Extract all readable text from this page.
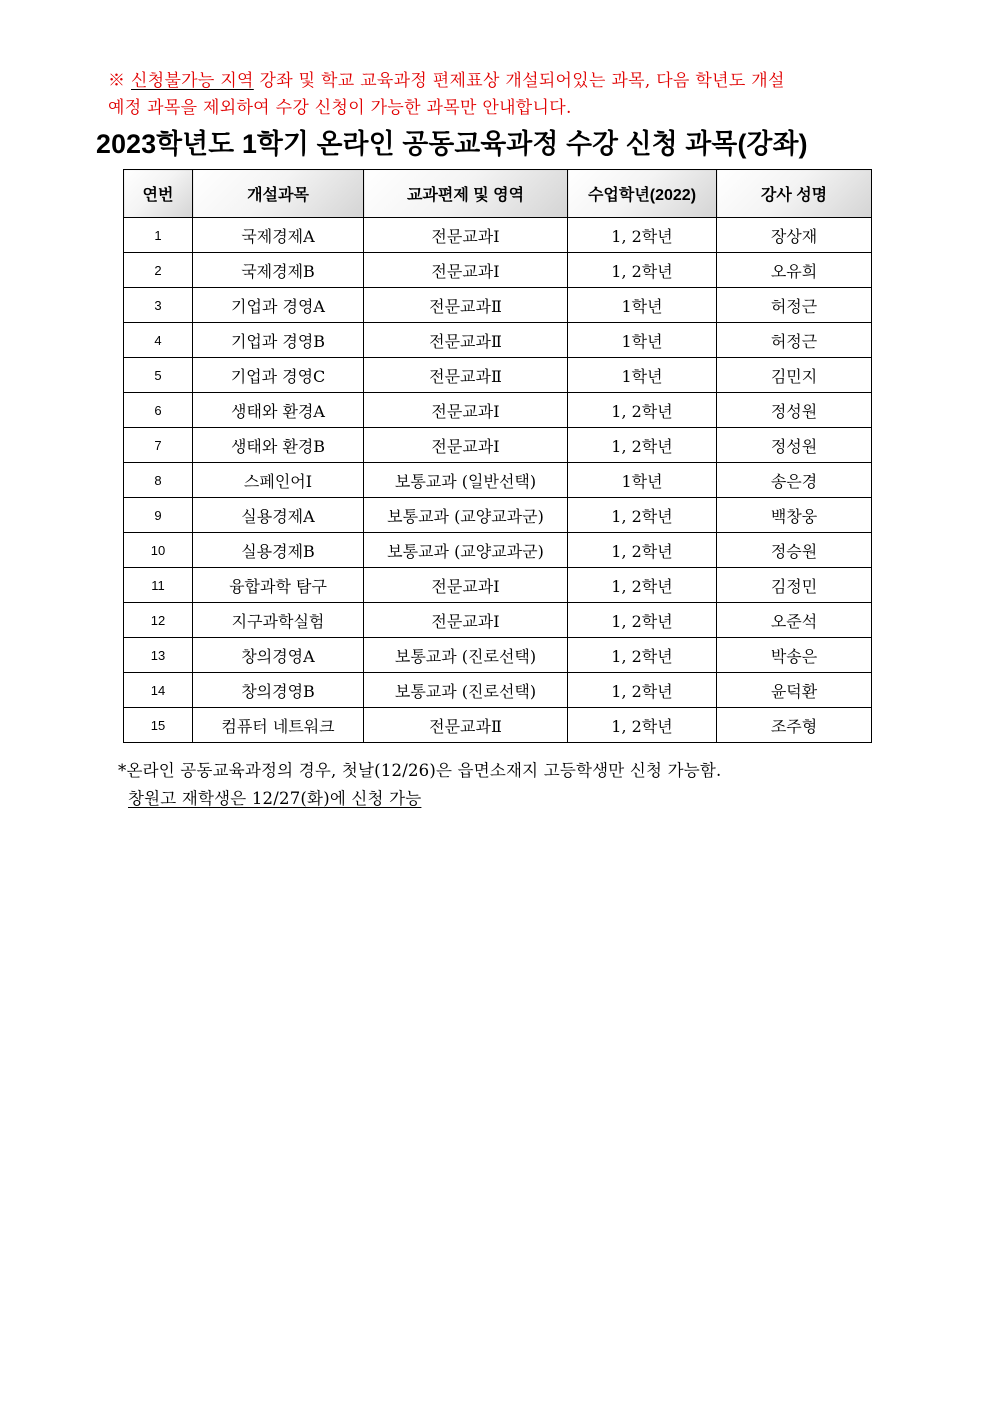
※ 신청불가능 지역 강좌 및 학교 교육과정 편제표상 개설되어있는 과목, 다음 학년도 개설
예정 과목을 제외하여 수강 신청이 가능한 과목만 안내합니다.
2023학년도 1학기 온라인 공동교육과정 수강 신청 과목(강좌)
연번	개설과목	교과편제 및 영역	수업학년(2022)	강사 성명
1	국제경제A	전문교과Ⅰ	1, 2학년	장상재
2	국제경제B	전문교과Ⅰ	1, 2학년	오유희
3	기업과 경영A	전문교과Ⅱ	1학년	허정근
4	기업과 경영B	전문교과Ⅱ	1학년	허정근
5	기업과 경영C	전문교과Ⅱ	1학년	김민지
6	생태와 환경A	전문교과Ⅰ	1, 2학년	정성원
7	생태와 환경B	전문교과Ⅰ	1, 2학년	정성원
8	스페인어Ⅰ	보통교과 (일반선택)	1학년	송은경
9	실용경제A	보통교과 (교양교과군)	1, 2학년	백창웅
10	실용경제B	보통교과 (교양교과군)	1, 2학년	정승원
11	융합과학 탐구	전문교과Ⅰ	1, 2학년	김정민
12	지구과학실험	전문교과Ⅰ	1, 2학년	오준석
13	창의경영A	보통교과 (진로선택)	1, 2학년	박송은
14	창의경영B	보통교과 (진로선택)	1, 2학년	윤덕환
15	컴퓨터 네트워크	전문교과Ⅱ	1, 2학년	조주형
*온라인 공동교육과정의 경우, 첫날(12/26)은 읍면소재지 고등학생만 신청 가능함.
창원고 재학생은 12/27(화)에 신청 가능
